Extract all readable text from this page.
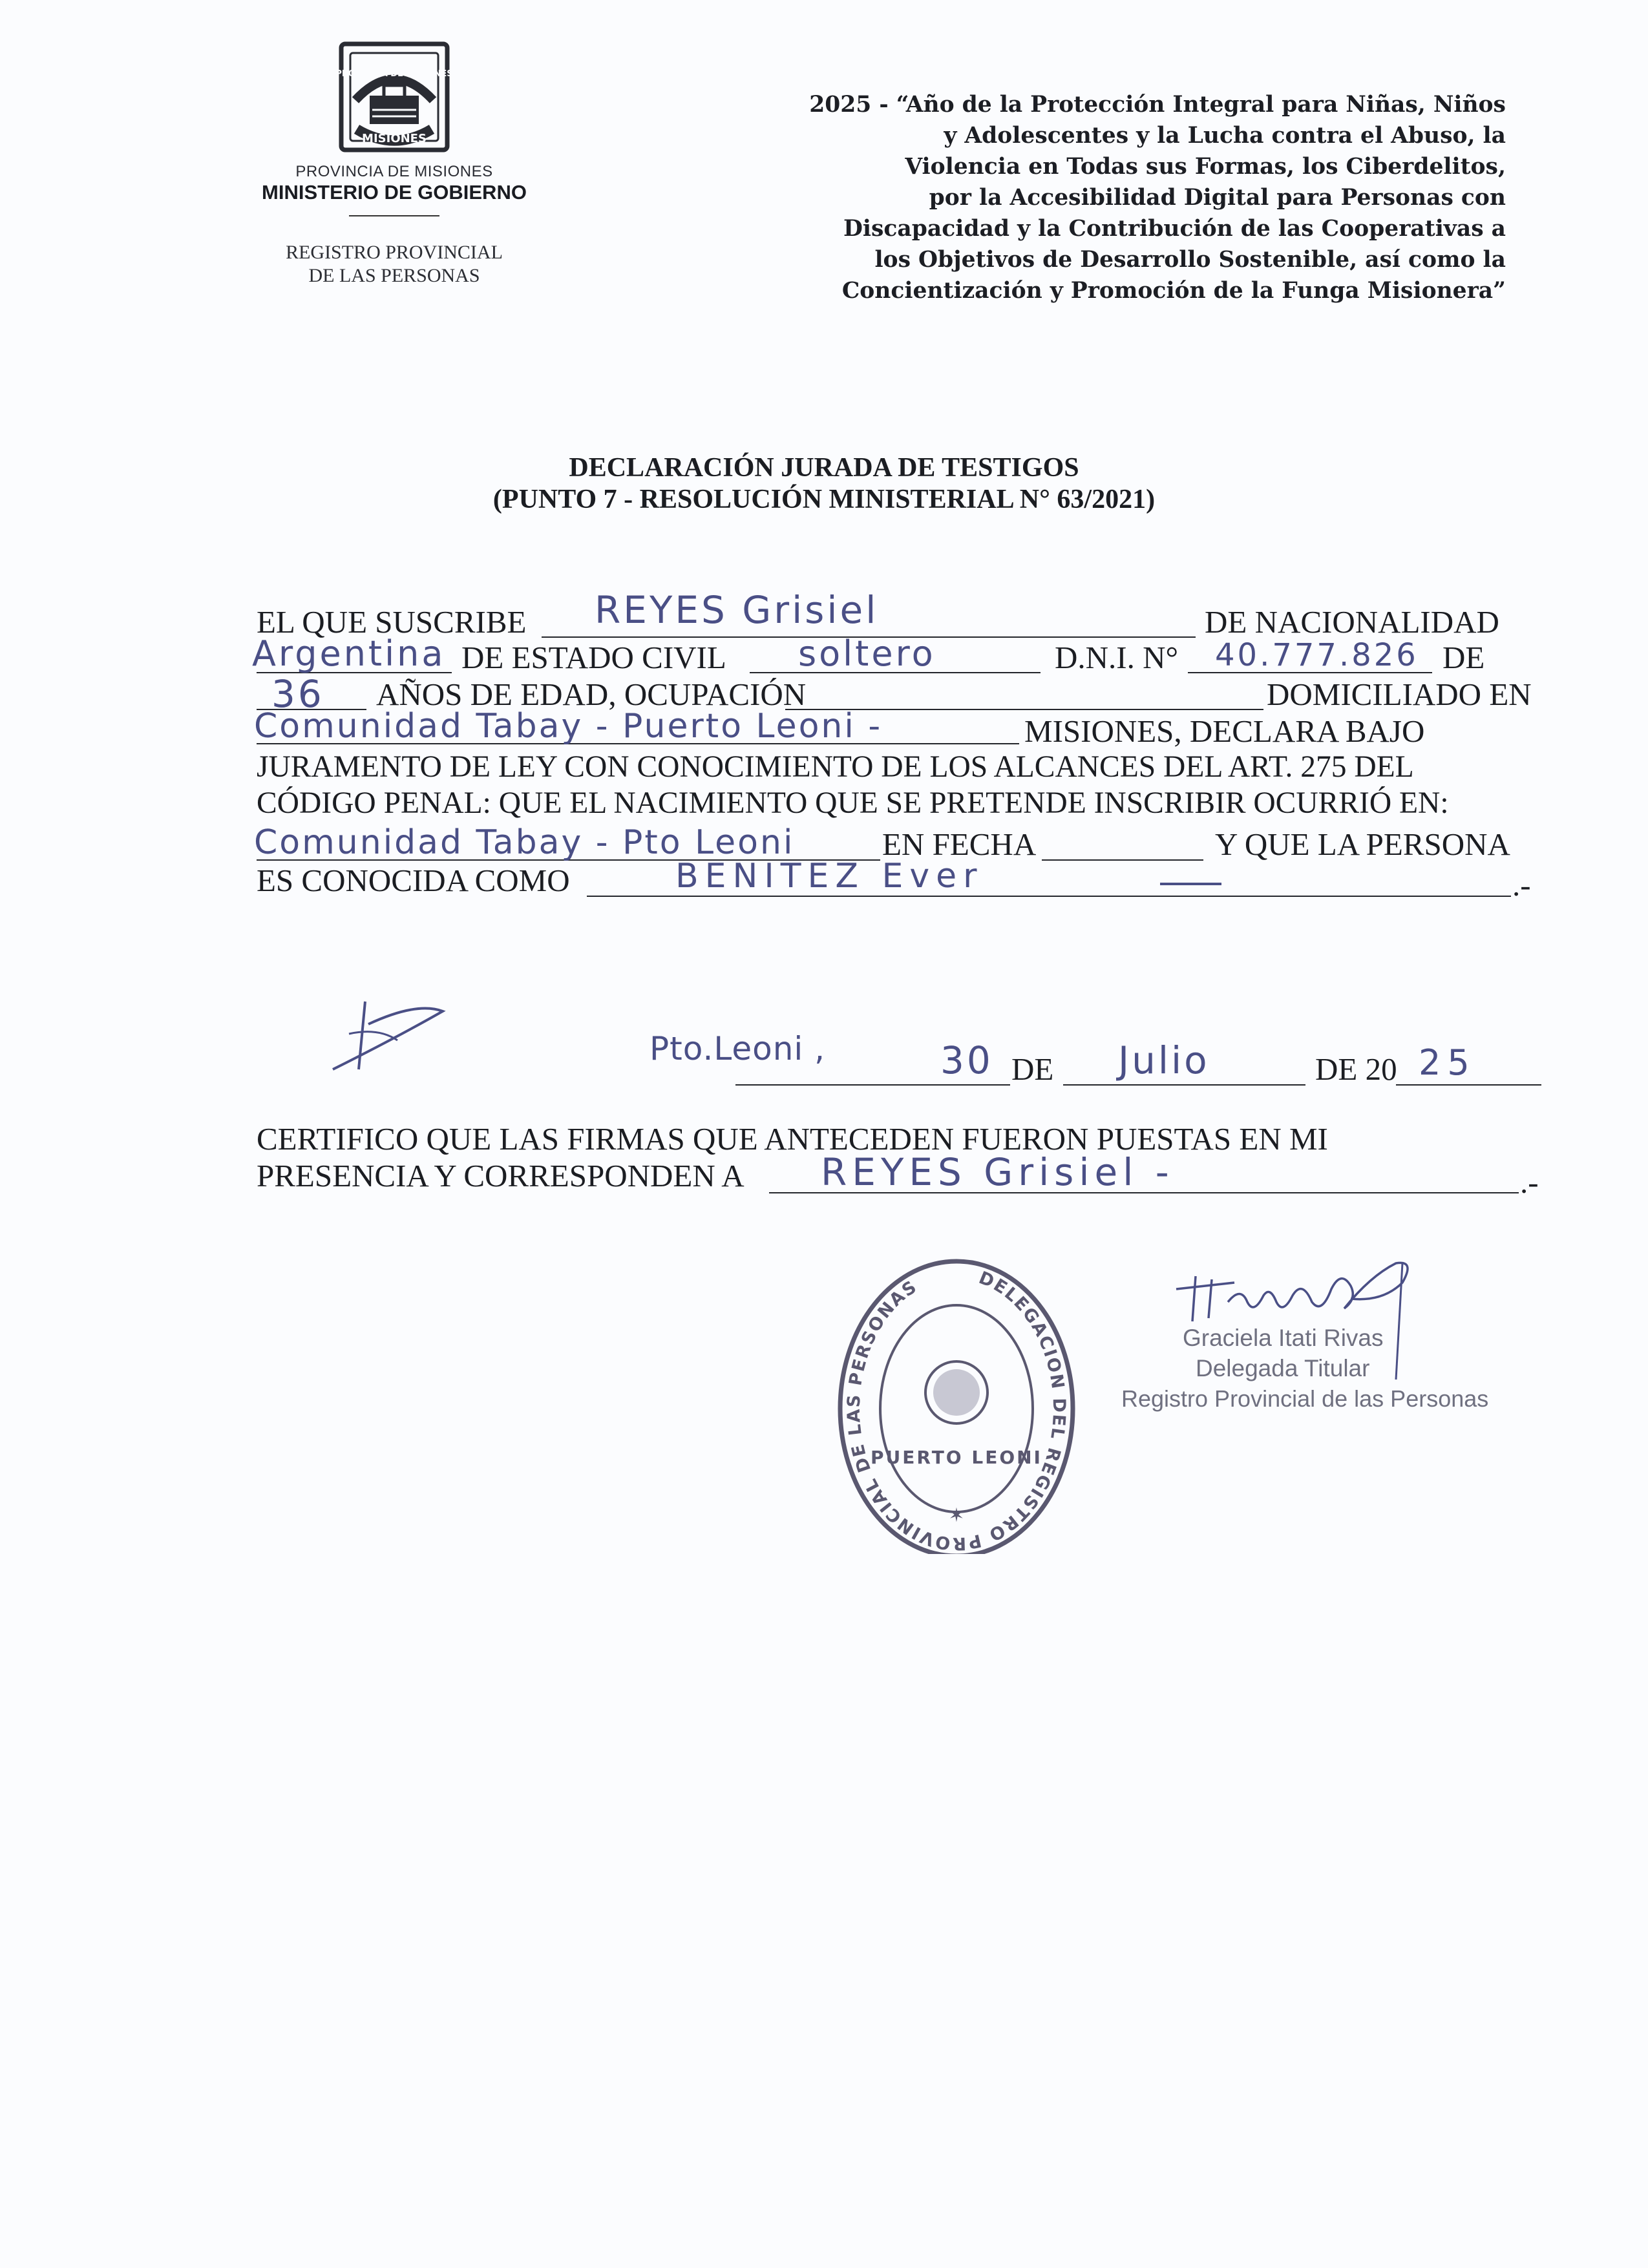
PROVINCIA DE MISIONES
MISIONES
PROVINCIA DE MISIONES
MINISTERIO DE GOBIERNO
REGISTRO PROVINCIAL
DE LAS PERSONAS
2025 - “Año de la Protección Integral para Niñas, Niños
y Adolescentes y la Lucha contra el Abuso, la
Violencia en Todas sus Formas, los Ciberdelitos,
por la Accesibilidad Digital para Personas con
Discapacidad y la Contribución de las Cooperativas a
los Objetivos de Desarrollo Sostenible, así como la
Concientización y Promoción de la Funga Misionera”
DECLARACIÓN JURADA DE TESTIGOS
(PUNTO 7 - RESOLUCIÓN MINISTERIAL N° 63/2021)
EL QUE SUSCRIBE REYES Grisiel	DE NACIONALIDAD
Argentina DE ESTADO CIVIL soltero	D.N.I. N° 40.777.826 DE
36 AÑOS DE EDAD, OCUPACIÓN	DOMICILIADO EN
Comunidad Tabay - Puerto Leoni -	MISIONES, DECLARA BAJO
JURAMENTO DE LEY CON CONOCIMIENTO DE LOS ALCANCES DEL ART. 275 DEL
CÓDIGO PENAL: QUE EL NACIMIENTO QUE SE PRETENDE INSCRIBIR OCURRIÓ EN:
Comunidad Tabay - Pto Leoni	EN FECHA	Y QUE LA PERSONA
ES CONOCIDA COMO	BENITEZ Ever	.-
Pto.Leoni ,	30 DE Julio	DE 20 25
CERTIFICO QUE LAS FIRMAS QUE ANTECEDEN FUERON PUESTAS EN MI
PRESENCIA Y CORRESPONDEN A REYES Grisiel -	.-
DELEGACION DEL REGISTRO PROVINCIAL DE LAS PERSONAS
PUERTO LEONI
✶
Graciela Itati Rivas
Delegada Titular
Registro Provincial de las Personas
